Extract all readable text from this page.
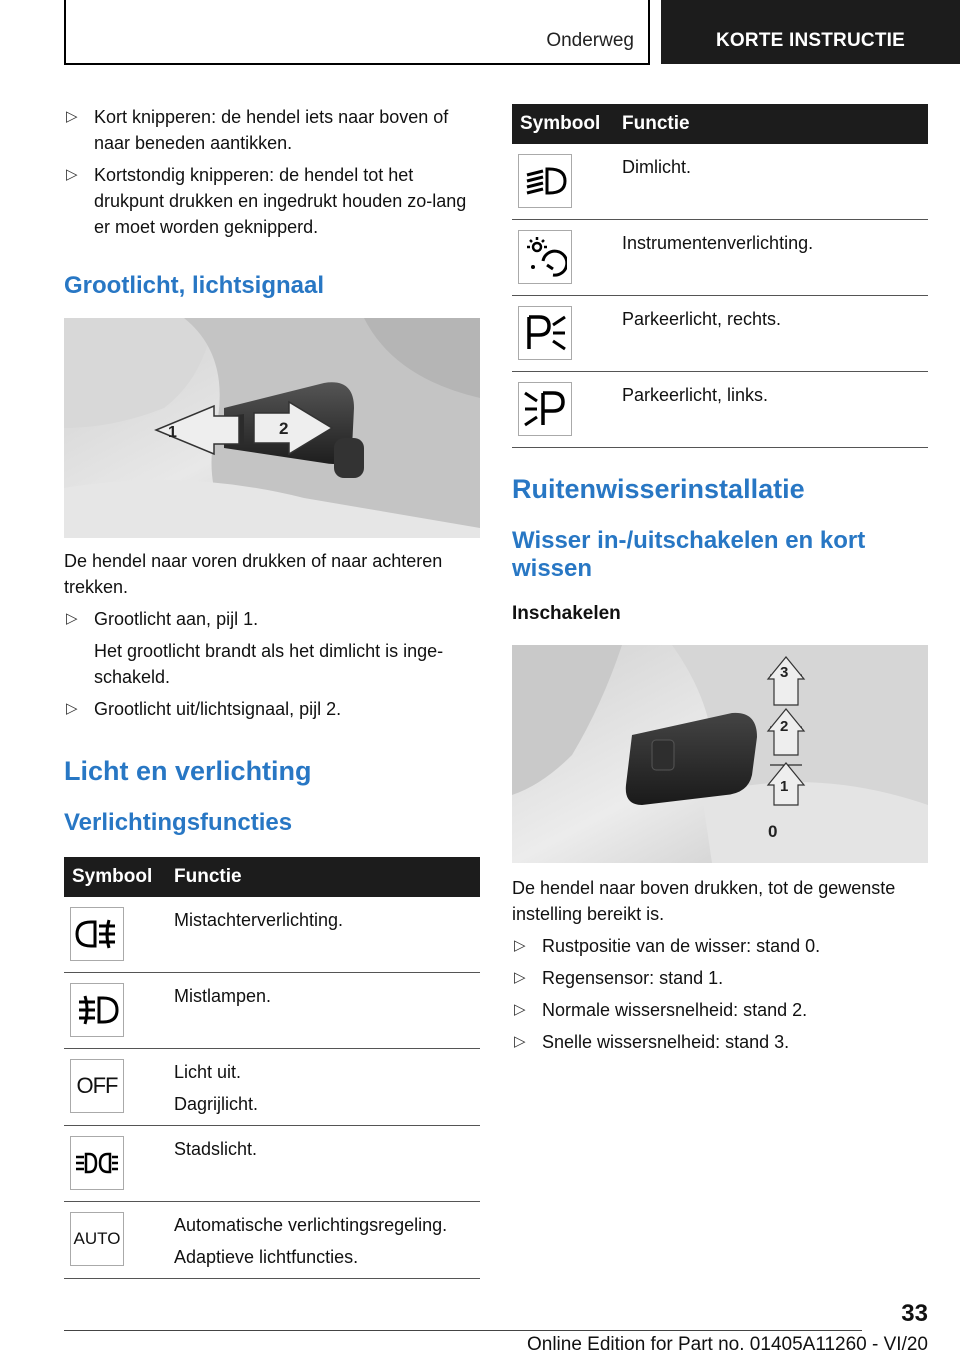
Onderweg	KORTE INSTRUCTIE
▷ Kort knipperen: de hendel iets naar boven of naar beneden aantikken.
▷ Kortstondig knipperen: de hendel tot het drukpunt drukken en ingedrukt houden zo-lang er moet worden geknipperd.
Grootlicht, lichtsignaal
1	2

De hendel naar voren drukken of naar achteren trekken.

▷ Grootlicht aan, pijl 1.
Het grootlicht brandt als het dimlicht is inge-schakeld.
▷ Grootlicht uit/lichtsignaal, pijl 2.
Licht en verlichting
Verlichtingsfuncties
Symbool	Functie

Mistachterverlichting.

Mistlampen.

OFF	Licht uit.

Dagrijlicht.

Stadslicht.

AUTO	Automatische verlichtingsregeling.

Adaptieve lichtfuncties.

Symbool	Functie

Dimlicht.

Instrumentenverlichting.

Parkeerlicht, rechts.

Parkeerlicht, links.

Ruitenwisserinstallatie
Wisser in-/uitschakelen en kort wissen
Inschakelen
3
2
1
0

De hendel naar boven drukken, tot de gewenste instelling bereikt is.

▷ Rustpositie van de wisser: stand 0.
▷ Regensensor: stand 1.
▷ Normale wissersnelheid: stand 2.
▷ Snelle wissersnelheid: stand 3.
33
Online Edition for Part no. 01405A11260 - VI/20
